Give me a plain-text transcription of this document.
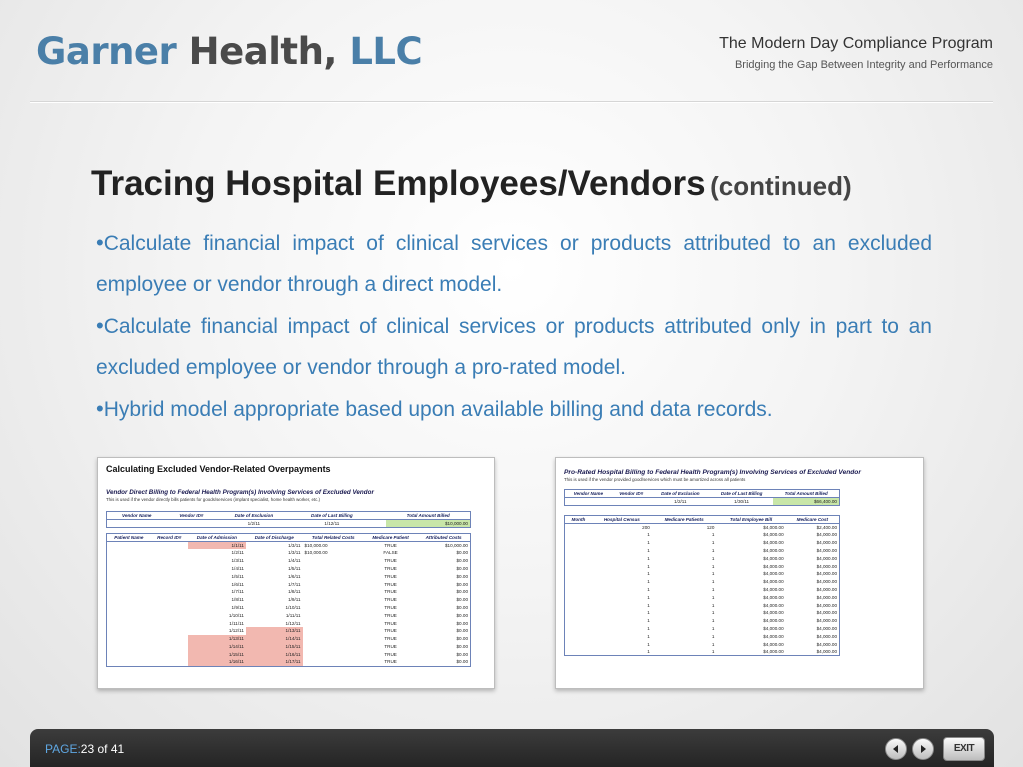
Garner Health, LLC	The Modern Day Compliance Program
Bridging the Gap Between Integrity and Performance
Tracing Hospital Employees/Vendors (continued)
•Calculate financial impact of clinical services or products attributed to an excluded employee or vendor through a direct model.
•Calculate financial impact of clinical services or products attributed only in part to an excluded employee or vendor through a pro-rated model.
•Hybrid model appropriate based upon available billing and data records.
Calculating Excluded Vendor-Related Overpayments
Vendor Direct Billing to Federal Health Program(s) Involving Services of Excluded Vendor
This is used if the vendor directly bills patients for goods/services (implant specialist, home health worker, etc.)
Vendor Name	Vendor ID#	Date of Exclusion	Date of Last Billing			Total Amount Billed
		1/2/11	1/12/11			$10,000.00
Patient Name	Record ID#	Date of Admission	Date of Discharge	Total Related Costs	Medicare Patient	Attributed Costs
		1/1/11	1/3/11	$10,000.00	TRUE	$10,000.00
		1/2/11	1/3/11	$10,000.00	FALSE	$0.00
		1/3/11	1/4/11		TRUE	$0.00
		1/4/11	1/5/11		TRUE	$0.00
		1/5/11	1/6/11		TRUE	$0.00
		1/6/11	1/7/11		TRUE	$0.00
		1/7/11	1/8/11		TRUE	$0.00
		1/8/11	1/9/11		TRUE	$0.00
		1/9/11	1/10/11		TRUE	$0.00
		1/10/11	1/11/11		TRUE	$0.00
		1/11/11	1/12/11		TRUE	$0.00
		1/12/11	1/13/11		TRUE	$0.00
		1/13/11	1/14/11		TRUE	$0.00
		1/14/11	1/15/11		TRUE	$0.00
		1/15/11	1/16/11		TRUE	$0.00
		1/16/11	1/17/11		TRUE	$0.00
Pro-Rated Hospital Billing to Federal Health Program(s) Involving Services of Excluded Vendor
This is used if the vendor provided good/services which must be amortized across all patients
Vendor Name	Vendor ID#	Date of Exclusion	Date of Last Billing	Total Amount Billed
		1/2/11	1/30/11	$66,400.00
Month	Hospital Census	Medicare Patients	Total Employee Bill	Medicare Cost
	200	120	$4,000.00	$2,400.00
	1	1	$4,000.00	$4,000.00
	1	1	$4,000.00	$4,000.00
	1	1	$4,000.00	$4,000.00
	1	1	$4,000.00	$4,000.00
	1	1	$4,000.00	$4,000.00
	1	1	$4,000.00	$4,000.00
	1	1	$4,000.00	$4,000.00
	1	1	$4,000.00	$4,000.00
	1	1	$4,000.00	$4,000.00
	1	1	$4,000.00	$4,000.00
	1	1	$4,000.00	$4,000.00
	1	1	$4,000.00	$4,000.00
	1	1	$4,000.00	$4,000.00
	1	1	$4,000.00	$4,000.00
	1	1	$4,000.00	$4,000.00
	1	1	$4,000.00	$4,000.00
PAGE:23 of 41	EXIT
